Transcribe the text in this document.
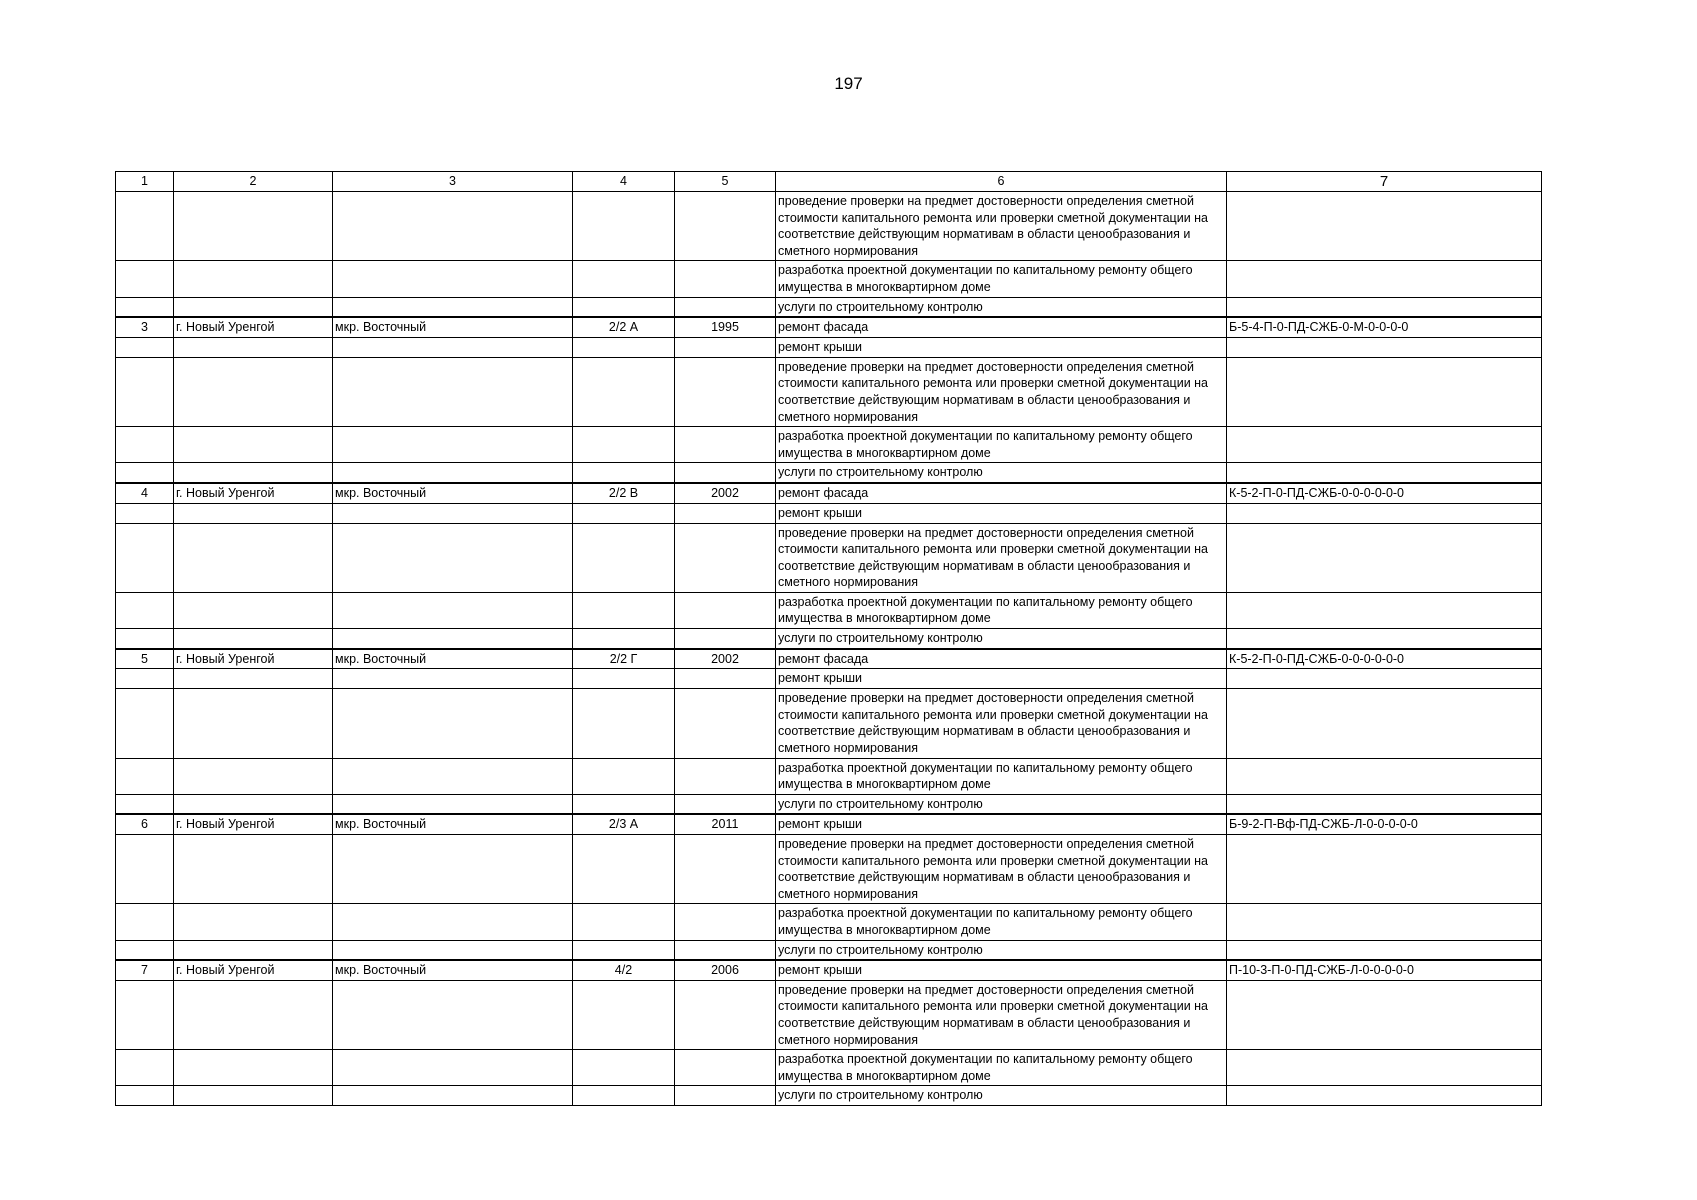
197
1	2	3	4	5	6	7
					проведение проверки на предмет достоверности определения сметной стоимости капитального ремонта или проверки сметной документации на соответствие действующим нормативам в области ценообразования и сметного нормирования	
					разработка проектной документации по капитальному ремонту общего имущества в многоквартирном доме	
					услуги по строительному контролю	
3	г. Новый Уренгой	мкр. Восточный	2/2 А	1995	ремонт фасада	Б-5-4-П-0-ПД-СЖБ-0-М-0-0-0-0
					ремонт крыши	
					проведение проверки на предмет достоверности определения сметной стоимости капитального ремонта или проверки сметной документации на соответствие действующим нормативам в области ценообразования и сметного нормирования	
					разработка проектной документации по капитальному ремонту общего имущества в многоквартирном доме	
					услуги по строительному контролю	
4	г. Новый Уренгой	мкр. Восточный	2/2 В	2002	ремонт фасада	К-5-2-П-0-ПД-СЖБ-0-0-0-0-0-0
					ремонт крыши	
					проведение проверки на предмет достоверности определения сметной стоимости капитального ремонта или проверки сметной документации на соответствие действующим нормативам в области ценообразования и сметного нормирования	
					разработка проектной документации по капитальному ремонту общего имущества в многоквартирном доме	
					услуги по строительному контролю	
5	г. Новый Уренгой	мкр. Восточный	2/2 Г	2002	ремонт фасада	К-5-2-П-0-ПД-СЖБ-0-0-0-0-0-0
					ремонт крыши	
					проведение проверки на предмет достоверности определения сметной стоимости капитального ремонта или проверки сметной документации на соответствие действующим нормативам в области ценообразования и сметного нормирования	
					разработка проектной документации по капитальному ремонту общего имущества в многоквартирном доме	
					услуги по строительному контролю	
6	г. Новый Уренгой	мкр. Восточный	2/3 А	2011	ремонт крыши	Б-9-2-П-Вф-ПД-СЖБ-Л-0-0-0-0-0
					проведение проверки на предмет достоверности определения сметной стоимости капитального ремонта или проверки сметной документации на соответствие действующим нормативам в области ценообразования и сметного нормирования	
					разработка проектной документации по капитальному ремонту общего имущества в многоквартирном доме	
					услуги по строительному контролю	
7	г. Новый Уренгой	мкр. Восточный	4/2	2006	ремонт крыши	П-10-3-П-0-ПД-СЖБ-Л-0-0-0-0-0
					проведение проверки на предмет достоверности определения сметной стоимости капитального ремонта или проверки сметной документации на соответствие действующим нормативам в области ценообразования и сметного нормирования	
					разработка проектной документации по капитальному ремонту общего имущества в многоквартирном доме	
					услуги по строительному контролю	
